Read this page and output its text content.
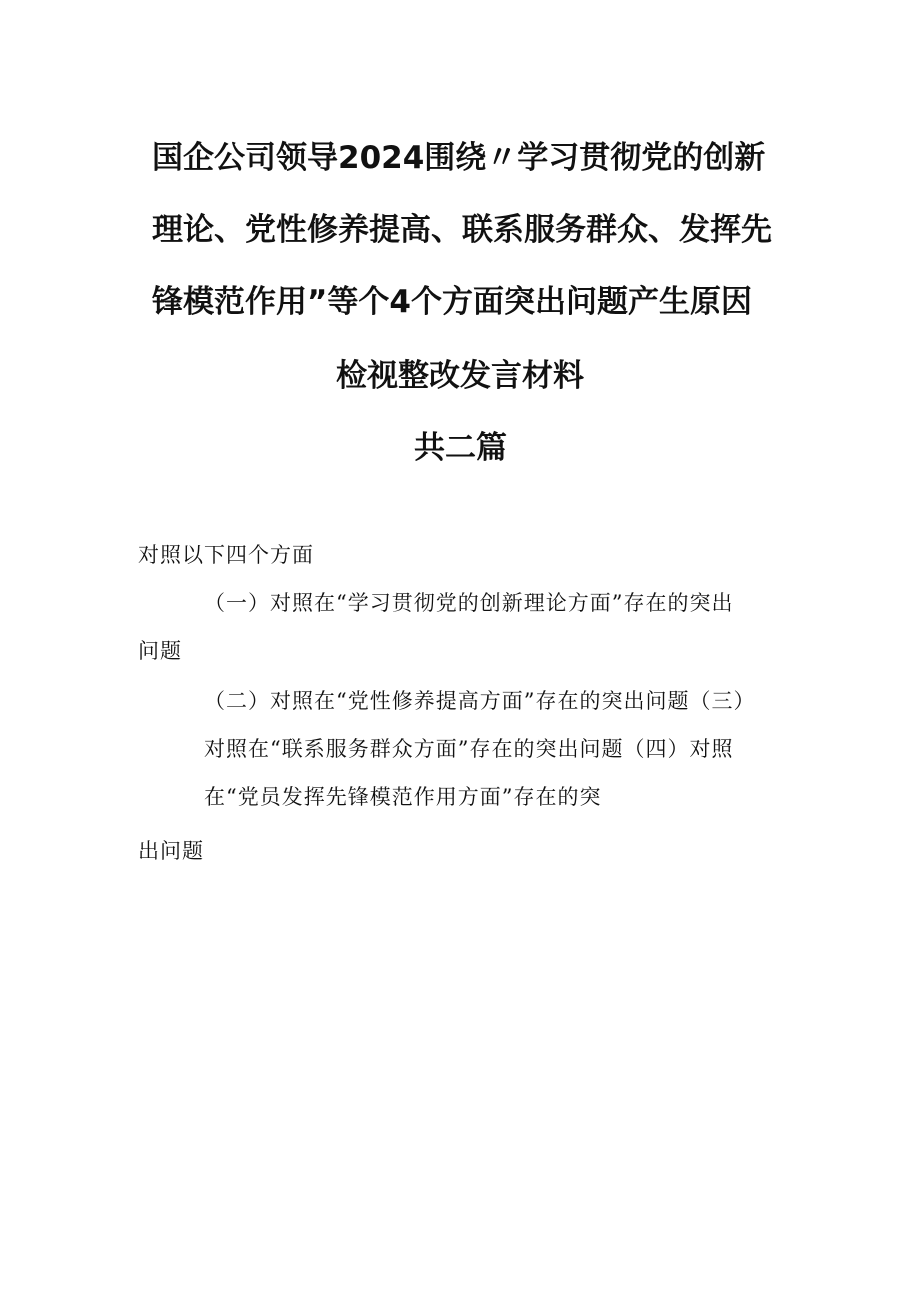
国企公司领导2024围绕〃学习贯彻党的创新
理论、党性修养提高、联系服务群众、发挥先
锋模范作用”等个4个方面突出问题产生原因
检视整改发言材料
共二篇
对照以下四个方面
（一）对照在“学习贯彻党的创新理论方面”存在的突出
问题
（二）对照在“党性修养提高方面”存在的突出问题（三）
对照在“联系服务群众方面”存在的突出问题（四）对照
在“党员发挥先锋模范作用方面”存在的突
出问题
